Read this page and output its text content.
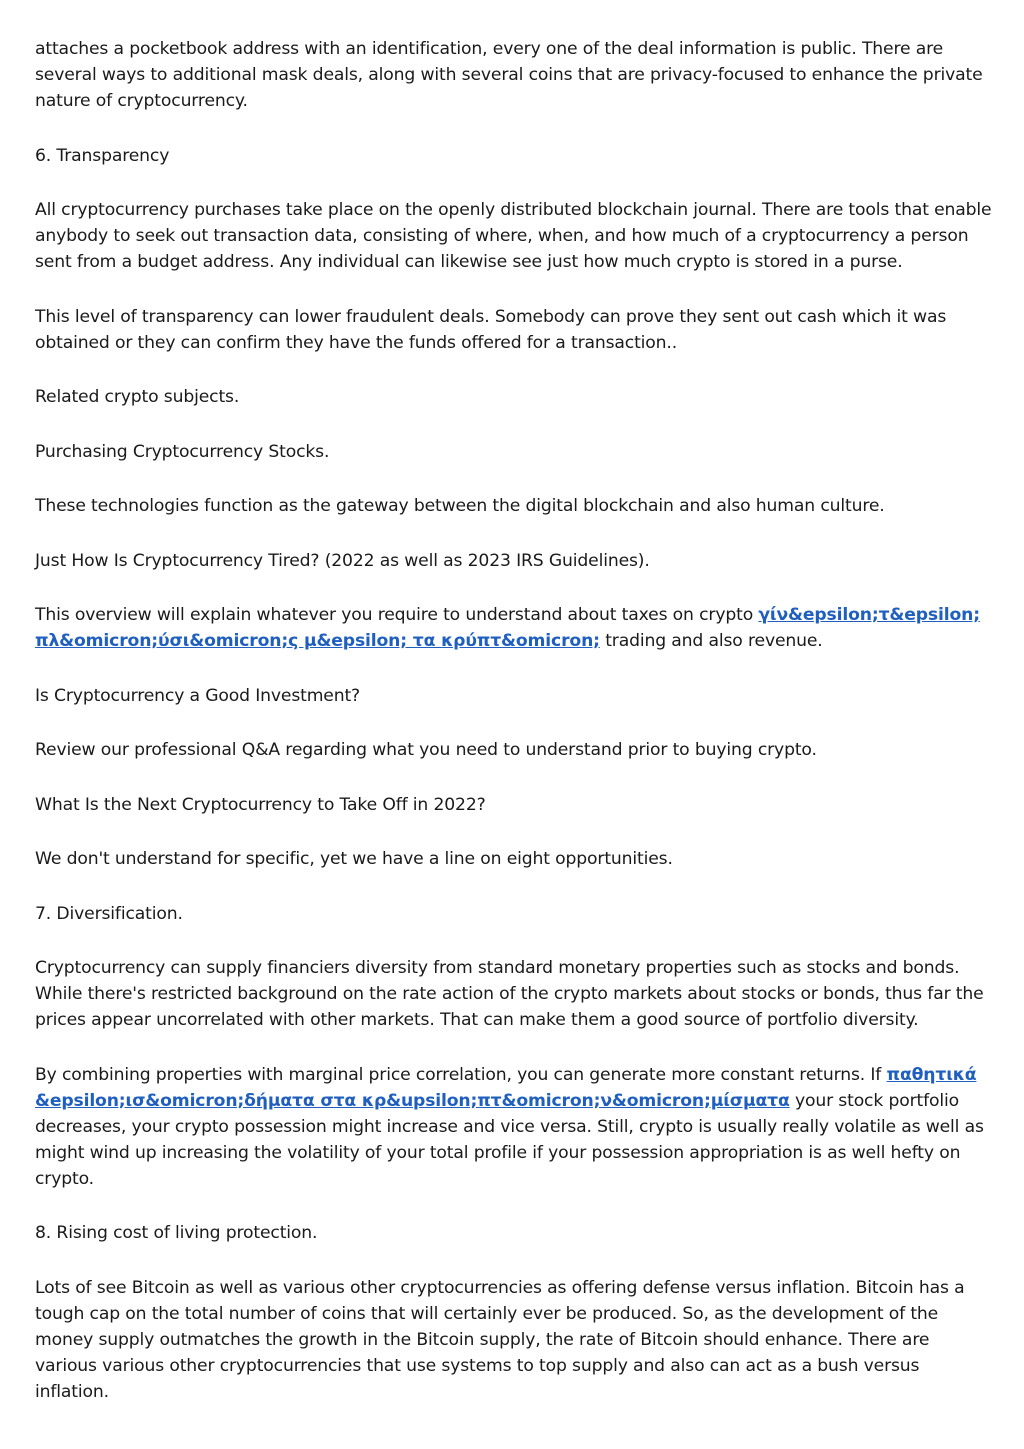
attaches a pocketbook address with an identification, every one of the deal information is public. There are several ways to additional mask deals, along with several coins that are privacy-focused to enhance the private nature of cryptocurrency.

6. Transparency

All cryptocurrency purchases take place on the openly distributed blockchain journal. There are tools that enable anybody to seek out transaction data, consisting of where, when, and how much of a cryptocurrency a person sent from a budget address. Any individual can likewise see just how much crypto is stored in a purse.

This level of transparency can lower fraudulent deals. Somebody can prove they sent out cash which it was obtained or they can confirm they have the funds offered for a transaction..

Related crypto subjects.

Purchasing Cryptocurrency Stocks.

These technologies function as the gateway between the digital blockchain and also human culture.

Just How Is Cryptocurrency Tired? (2022 as well as 2023 IRS Guidelines).

This overview will explain whatever you require to understand about taxes on crypto γίν&epsilon;τ&epsilon; πλ&omicron;ύσι&omicron;ς μ&epsilon; τα κρύπτ&omicron; trading and also revenue.

Is Cryptocurrency a Good Investment?

Review our professional Q&A regarding what you need to understand prior to buying crypto.

What Is the Next Cryptocurrency to Take Off in 2022?

We don't understand for specific, yet we have a line on eight opportunities.

7. Diversification.

Cryptocurrency can supply financiers diversity from standard monetary properties such as stocks and bonds. While there's restricted background on the rate action of the crypto markets about stocks or bonds, thus far the prices appear uncorrelated with other markets. That can make them a good source of portfolio diversity.

By combining properties with marginal price correlation, you can generate more constant returns. If παθητικά &epsilon;ισ&omicron;δήματα στα κρ&upsilon;πτ&omicron;ν&omicron;μίσματα your stock portfolio decreases, your crypto possession might increase and vice versa. Still, crypto is usually really volatile as well as might wind up increasing the volatility of your total profile if your possession appropriation is as well hefty on crypto.

8. Rising cost of living protection.

Lots of see Bitcoin as well as various other cryptocurrencies as offering defense versus inflation. Bitcoin has a tough cap on the total number of coins that will certainly ever be produced. So, as the development of the money supply outmatches the growth in the Bitcoin supply, the rate of Bitcoin should enhance. There are various various other cryptocurrencies that use systems to top supply and also can act as a bush versus inflation.
